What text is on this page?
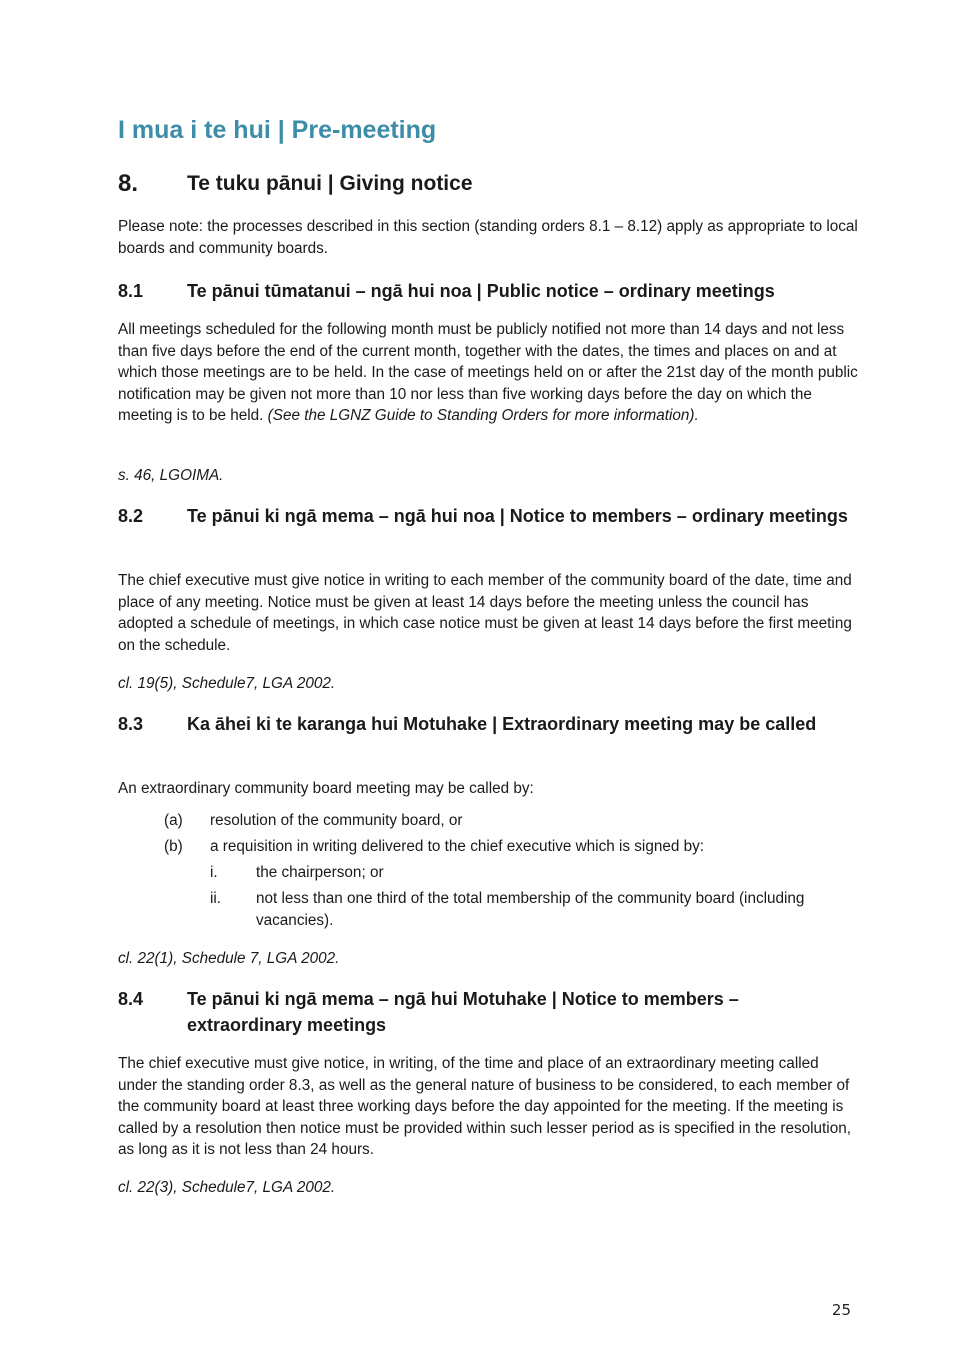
I mua i te hui | Pre-meeting
8. Te tuku pānui | Giving notice

Please note: the processes described in this section (standing orders 8.1 – 8.12) apply as appropriate to local boards and community boards.

8.1 Te pānui tūmatanui – ngā hui noa | Public notice – ordinary meetings

All meetings scheduled for the following month must be publicly notified not more than 14 days and not less than five days before the end of the current month, together with the dates, the times and places on and at which those meetings are to be held. In the case of meetings held on or after the 21st day of the month public notification may be given not more than 10 nor less than five working days before the day on which the meeting is to be held. (See the LGNZ Guide to Standing Orders for more information).

s. 46, LGOIMA.

8.2 Te pānui ki ngā mema – ngā hui noa | Notice to members – ordinary meetings

The chief executive must give notice in writing to each member of the community board of the date, time and place of any meeting. Notice must be given at least 14 days before the meeting unless the council has adopted a schedule of meetings, in which case notice must be given at least 14 days before the first meeting on the schedule.

cl. 19(5), Schedule7, LGA 2002.

8.3 Ka āhei ki te karanga hui Motuhake | Extraordinary meeting may be called

An extraordinary community board meeting may be called by:

(a) resolution of the community board, or
(b) a requisition in writing delivered to the chief executive which is signed by:
i.	the chairperson; or
ii. not less than one third of the total membership of the community board (including vacancies).

cl. 22(1), Schedule 7, LGA 2002.

8.4 Te pānui ki ngā mema – ngā hui Motuhake | Notice to members – extraordinary meetings

The chief executive must give notice, in writing, of the time and place of an extraordinary meeting called under the standing order 8.3, as well as the general nature of business to be considered, to each member of the community board at least three working days before the day appointed for the meeting. If the meeting is called by a resolution then notice must be provided within such lesser period as is specified in the resolution, as long as it is not less than 24 hours.

cl. 22(3), Schedule7, LGA 2002.

25
